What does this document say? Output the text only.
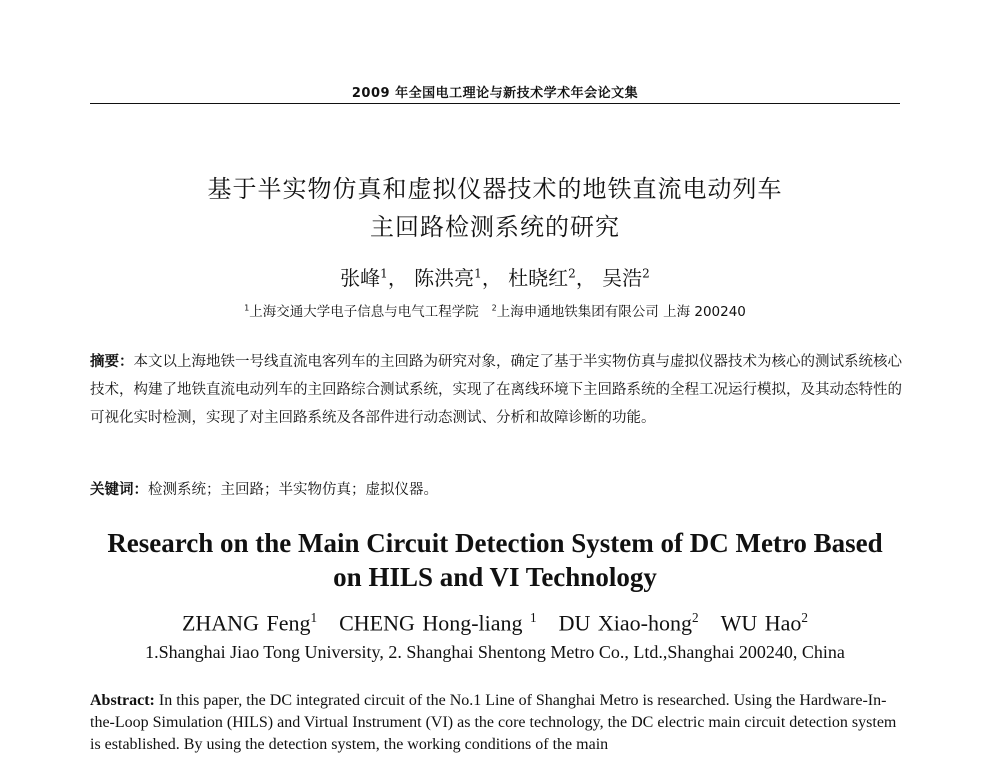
2009 年全国电工理论与新技术学术年会论文集
基于半实物仿真和虚拟仪器技术的地铁直流电动列车
主回路检测系统的研究
张峰$^1$， 陈洪亮$^1$， 杜晓红$^2$， 吴浩$^2$
$^1$上海交通大学电子信息与电气工程学院 $^2$上海申通地铁集团有限公司 上海 200240
摘要：本文以上海地铁一号线直流电客列车的主回路为研究对象，确定了基于半实物仿真与虚拟仪器技术为核心的测试系统核心技术，构建了地铁直流电动列车的主回路综合测试系统，实现了在离线环境下主回路系统的全程工况运行模拟，及其动态特性的可视化实时检测，实现了对主回路系统及各部件进行动态测试、分析和故障诊断的功能。
关键词：检测系统；主回路；半实物仿真；虚拟仪器。
Research on the Main Circuit Detection System of DC Metro Based
on HILS and VI Technology
ZHANG Feng$^1$ CHENG Hong-liang $^1$ DU Xiao-hong$^2$ WU Hao$^2$
1.Shanghai Jiao Tong University, 2. Shanghai Shentong Metro Co., Ltd.,Shanghai 200240, China
Abstract: In this paper, the DC integrated circuit of the No.1 Line of Shanghai Metro is researched. Using the Hardware-In-the-Loop Simulation (HILS) and Virtual Instrument (VI) as the core technology, the DC electric main circuit detection system is established. By using the detection system, the working conditions of the main
